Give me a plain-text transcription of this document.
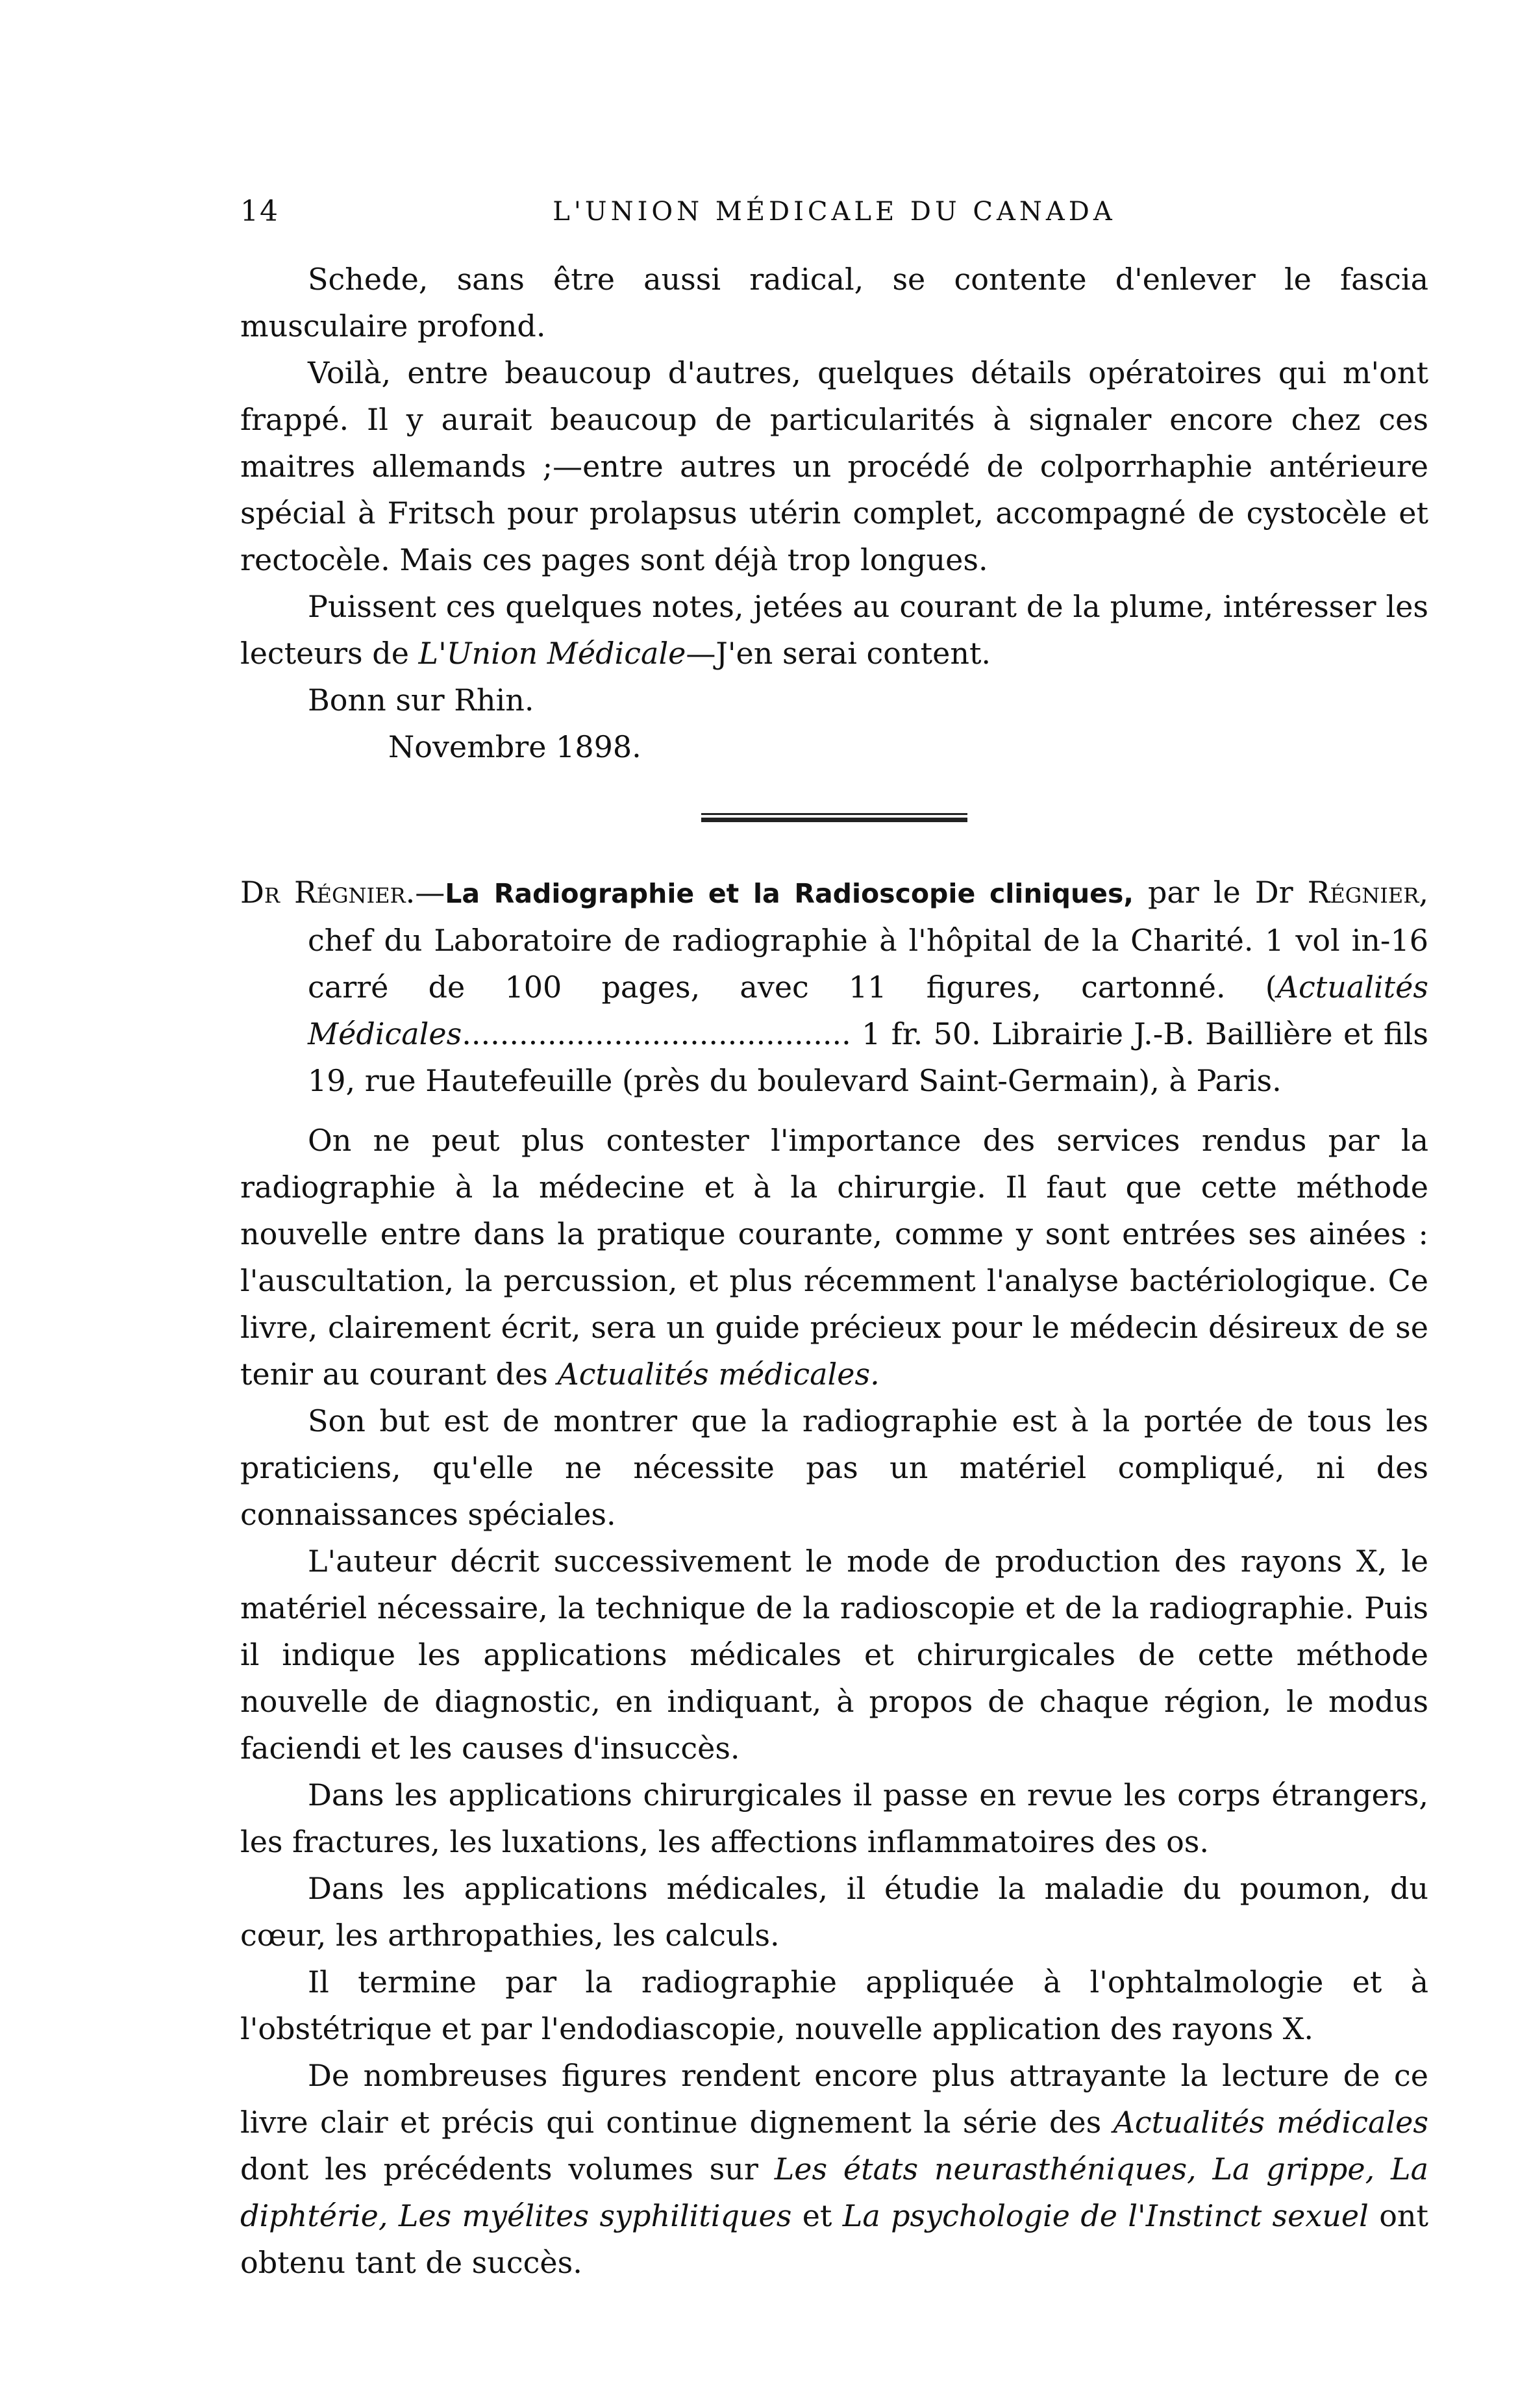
14	L'UNION MÉDICALE DU CANADA

Schede, sans être aussi radical, se contente d'enlever le fascia musculaire profond.

Voilà, entre beaucoup d'autres, quelques détails opératoires qui m'ont frappé. Il y aurait beaucoup de particularités à signaler encore chez ces maitres allemands ;—entre autres un procédé de colporrhaphie antérieure spécial à Fritsch pour prolapsus utérin complet, accompagné de cystocèle et rectocèle. Mais ces pages sont déjà trop longues.

Puissent ces quelques notes, jetées au courant de la plume, intéresser les lecteurs de L'Union Médicale—J'en serai content.

Bonn sur Rhin.

Novembre 1898.

Dr Régnier.—La Radiographie et la Radioscopie cliniques, par le Dr Régnier, chef du Laboratoire de radiographie à l'hôpital de la Charité. 1 vol in-16 carré de 100 pages, avec 11 figures, cartonné. (Actualités Médicales......................................... 1 fr. 50. Librairie J.-B. Baillière et fils 19, rue Hautefeuille (près du boulevard Saint-Germain), à Paris.

On ne peut plus contester l'importance des services rendus par la radiographie à la médecine et à la chirurgie. Il faut que cette méthode nouvelle entre dans la pratique courante, comme y sont entrées ses ainées : l'auscultation, la percussion, et plus récemment l'analyse bactériologique. Ce livre, clairement écrit, sera un guide précieux pour le médecin désireux de se tenir au courant des Actualités médicales.

Son but est de montrer que la radiographie est à la portée de tous les praticiens, qu'elle ne nécessite pas un matériel compliqué, ni des connaissances spéciales.

L'auteur décrit successivement le mode de production des rayons X, le matériel nécessaire, la technique de la radioscopie et de la radiographie. Puis il indique les applications médicales et chirurgicales de cette méthode nouvelle de diagnostic, en indiquant, à propos de chaque région, le modus faciendi et les causes d'insuccès.

Dans les applications chirurgicales il passe en revue les corps étrangers, les fractures, les luxations, les affections inflammatoires des os.

Dans les applications médicales, il étudie la maladie du poumon, du cœur, les arthropathies, les calculs.

Il termine par la radiographie appliquée à l'ophtalmologie et à l'obstétrique et par l'endodiascopie, nouvelle application des rayons X.

De nombreuses figures rendent encore plus attrayante la lecture de ce livre clair et précis qui continue dignement la série des Actualités médicales dont les précédents volumes sur Les états neurasthéniques, La grippe, La diphtérie, Les myélites syphilitiques et La psychologie de l'Instinct sexuel ont obtenu tant de succès.
